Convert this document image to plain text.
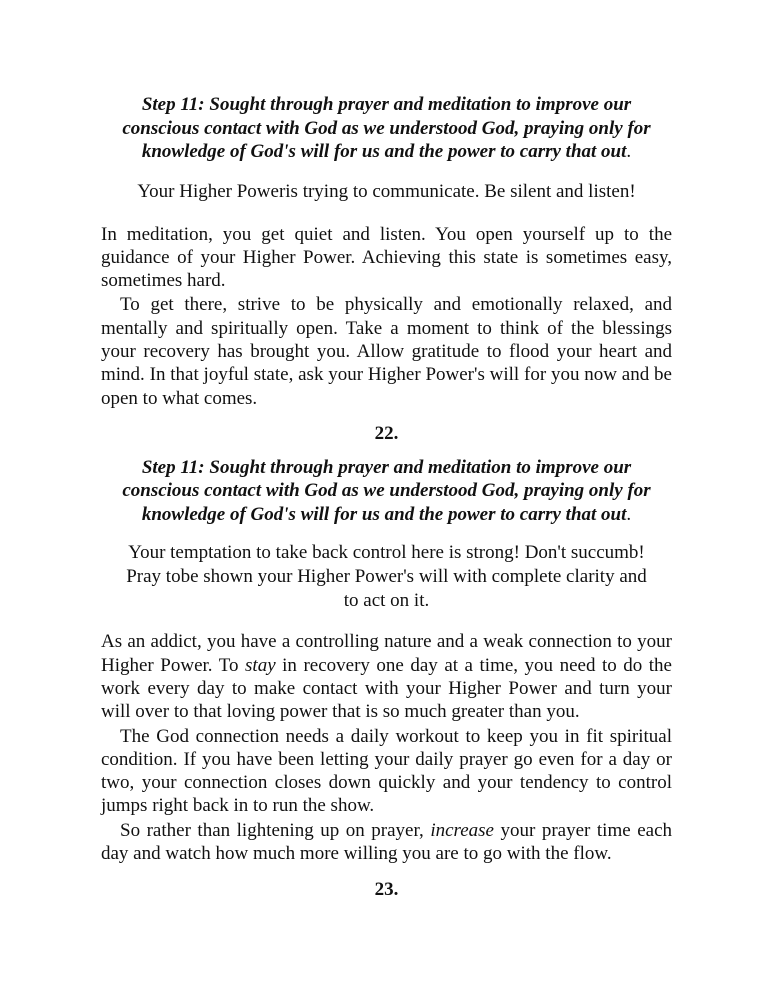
Step 11: Sought through prayer and meditation to improve our conscious contact with God as we understood God, praying only for knowledge of God's will for us and the power to carry that out.

Your Higher Poweris trying to communicate. Be silent and listen!

In meditation, you get quiet and listen. You open yourself up to the guidance of your Higher Power. Achieving this state is sometimes easy, sometimes hard.

To get there, strive to be physically and emotionally relaxed, and mentally and spiritually open. Take a moment to think of the blessings your recovery has brought you. Allow gratitude to flood your heart and mind. In that joyful state, ask your Higher Power's will for you now and be open to what comes.

22.

Step 11: Sought through prayer and meditation to improve our conscious contact with God as we understood God, praying only for knowledge of God's will for us and the power to carry that out.

Your temptation to take back control here is strong! Don't succumb!
Pray tobe shown your Higher Power's will with complete clarity and
to act on it.

As an addict, you have a controlling nature and a weak connection to your Higher Power. To stay in recovery one day at a time, you need to do the work every day to make contact with your Higher Power and turn your will over to that loving power that is so much greater than you.

The God connection needs a daily workout to keep you in fit spiritual condition. If you have been letting your daily prayer go even for a day or two, your connection closes down quickly and your tendency to control jumps right back in to run the show.

So rather than lightening up on prayer, increase your prayer time each day and watch how much more willing you are to go with the flow.

23.
